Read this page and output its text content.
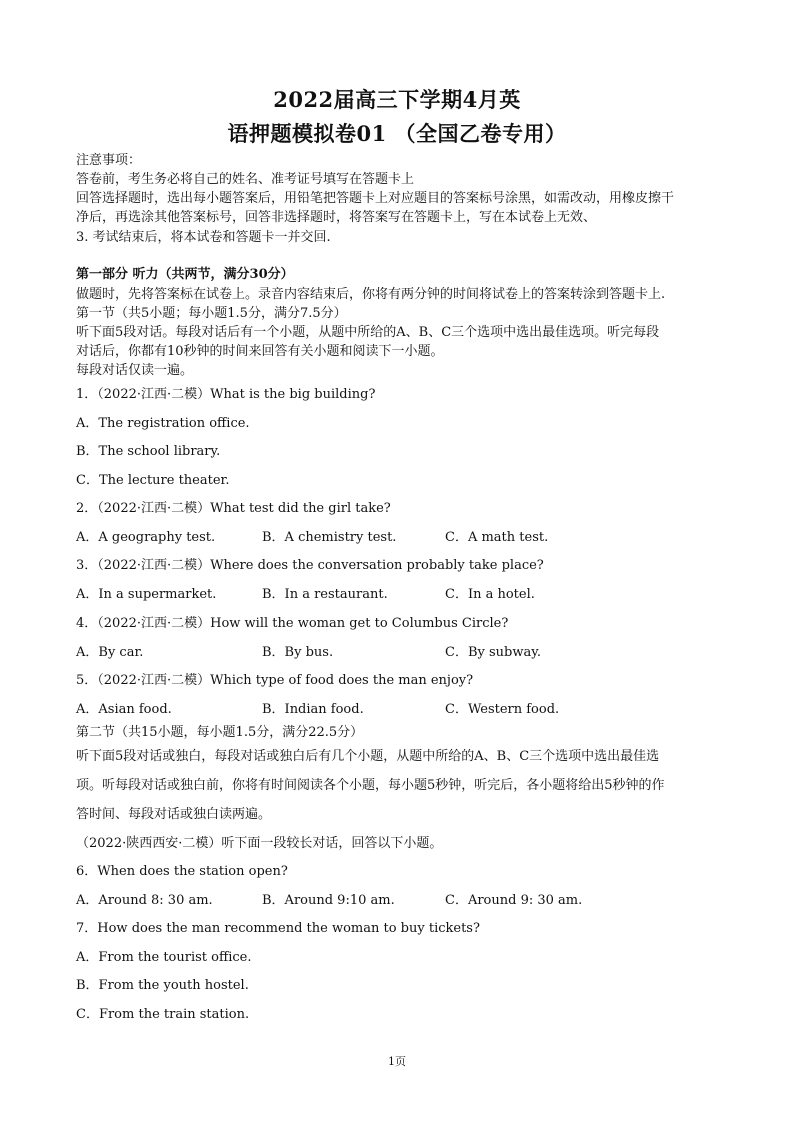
2022届高三下学期4月英
语押题模拟卷01 （全国乙卷专用）
注意事项：
答卷前，考生务必将自己的姓名、准考证号填写在答题卡上
回答选择题时，选出每小题答案后，用铅笔把答题卡上对应题目的答案标号涂黑，如需改动，用橡皮擦干
净后，再选涂其他答案标号，回答非选择题时，将答案写在答题卡上，写在本试卷上无效、
3. 考试结束后，将本试卷和答题卡一并交回.
第一部分 听力（共两节，满分30分）
做题时，先将答案标在试卷上。录音内容结束后，你将有两分钟的时间将试卷上的答案转涂到答题卡上.
第一节（共5小题；每小题1.5分，满分7.5分）
听下面5段对话。每段对话后有一个小题，从题中所给的A、B、C三个选项中选出最佳选项。听完每段
对话后，你都有10秒钟的时间来回答有关小题和阅读下一小题。
每段对话仅读一遍。
1．（2022·江西·二模）What is the big building?
A．The registration office.
B．The school library.
C．The lecture theater.
2．（2022·江西·二模）What test did the girl take?
A．A geography test.	B．A chemistry test.	C．A math test.
3．（2022·江西·二模）Where does the conversation probably take place?
A．In a supermarket.	B．In a restaurant.	C．In a hotel.
4．（2022·江西·二模）How will the woman get to Columbus Circle?
A．By car.	B．By bus.	C．By subway.
5．（2022·江西·二模）Which type of food does the man enjoy?
A．Asian food.	B．Indian food.	C．Western food.
第二节（共15小题，每小题1.5分，满分22.5分）
听下面5段对话或独白，每段对话或独白后有几个小题，从题中所给的A、B、C三个选项中选出最佳选
项。听每段对话或独白前，你将有时间阅读各个小题，每小题5秒钟，听完后，各小题将给出5秒钟的作
答时间、每段对话或独白读两遍。
（2022·陕西西安·二模）听下面一段较长对话，回答以下小题。
6．When does the station open?
A．Around 8: 30 am.	B．Around 9:10 am.	C．Around 9: 30 am.
7．How does the man recommend the woman to buy tickets?
A．From the tourist office.
B．From the youth hostel.
C．From the train station.
1页
